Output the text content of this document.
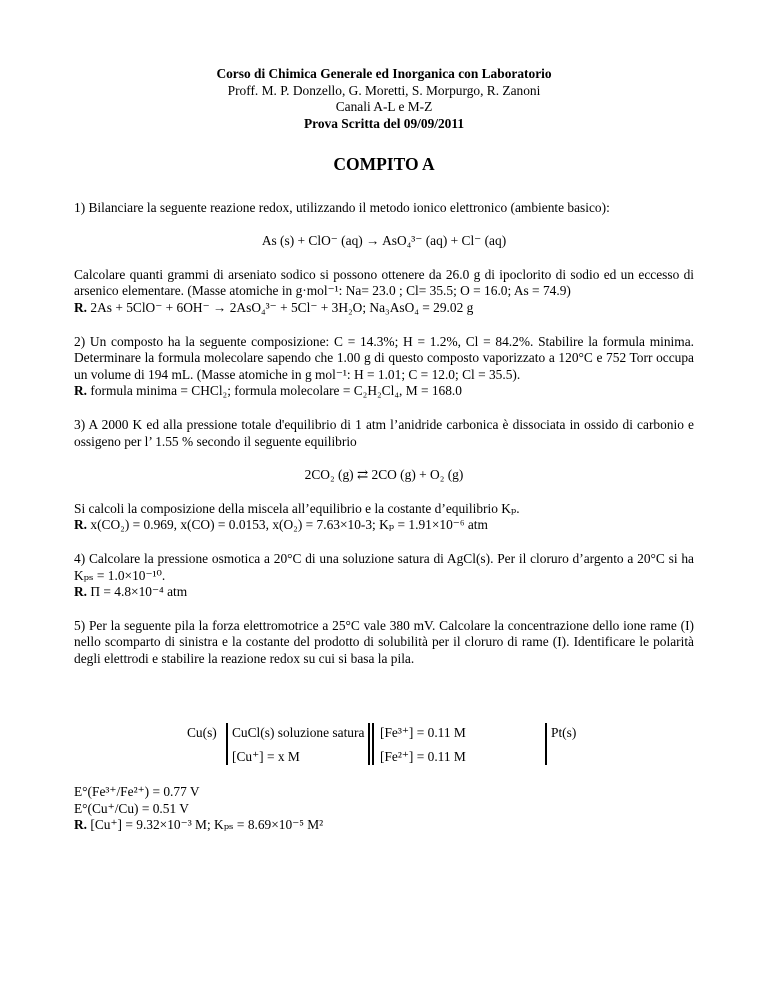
Corso di Chimica Generale ed Inorganica con Laboratorio
Proff. M. P. Donzello, G. Moretti, S. Morpurgo, R. Zanoni
Canali A-L e M-Z
Prova Scritta del 09/09/2011
COMPITO A
1) Bilanciare la seguente reazione redox, utilizzando il metodo ionico elettronico (ambiente basico):
As (s) + ClO⁻ (aq) → AsO₄³⁻ (aq) + Cl⁻ (aq)
Calcolare quanti grammi di arseniato sodico si possono ottenere da 26.0 g di ipoclorito di sodio ed un eccesso di arsenico elementare. (Masse atomiche in g·mol⁻¹: Na= 23.0 ; Cl= 35.5; O = 16.0; As = 74.9)
R. 2As + 5ClO⁻ + 6OH⁻ → 2AsO₄³⁻ + 5Cl⁻ + 3H₂O; Na₃AsO₄ = 29.02 g
2) Un composto ha la seguente composizione: C = 14.3%; H = 1.2%, Cl = 84.2%. Stabilire la formula minima. Determinare la formula molecolare sapendo che 1.00 g di questo composto vaporizzato a 120°C e 752 Torr occupa un volume di 194 mL. (Masse atomiche in g mol⁻¹: H = 1.01; C = 12.0; Cl = 35.5).
R. formula minima = CHCl₂; formula molecolare = C₂H₂Cl₄, M = 168.0
3) A 2000 K ed alla pressione totale d'equilibrio di 1 atm l’anidride carbonica è dissociata in ossido di carbonio e ossigeno per l’ 1.55 % secondo il seguente equilibrio
2CO₂ (g) ⇄ 2CO (g) + O₂ (g)
Si calcoli la composizione della miscela all’equilibrio e la costante d’equilibrio Kₚ.
R. x(CO₂) = 0.969, x(CO) = 0.0153, x(O₂) = 7.63×10-3; Kₚ = 1.91×10⁻⁶ atm
4) Calcolare la pressione osmotica a 20°C di una soluzione satura di AgCl(s). Per il cloruro d’argento a 20°C si ha Kₚₛ = 1.0×10⁻¹⁰.
R. Π = 4.8×10⁻⁴ atm
5) Per la seguente pila la forza elettromotrice a 25°C vale 380 mV. Calcolare la concentrazione dello ione rame (I) nello scomparto di sinistra e la costante del prodotto di solubilità per il cloruro di rame (I). Identificare le polarità degli elettrodi e stabilire la reazione redox su cui si basa la pila.
Cu(s) CuCl(s) soluzione satura
[Cu⁺] = x M
[Fe³⁺] = 0.11 M
[Fe²⁺] = 0.11 M
Pt(s)
E°(Fe³⁺/Fe²⁺) = 0.77 V
E°(Cu⁺/Cu) = 0.51 V
R. [Cu⁺] = 9.32×10⁻³ M; Kₚₛ = 8.69×10⁻⁵ M²
